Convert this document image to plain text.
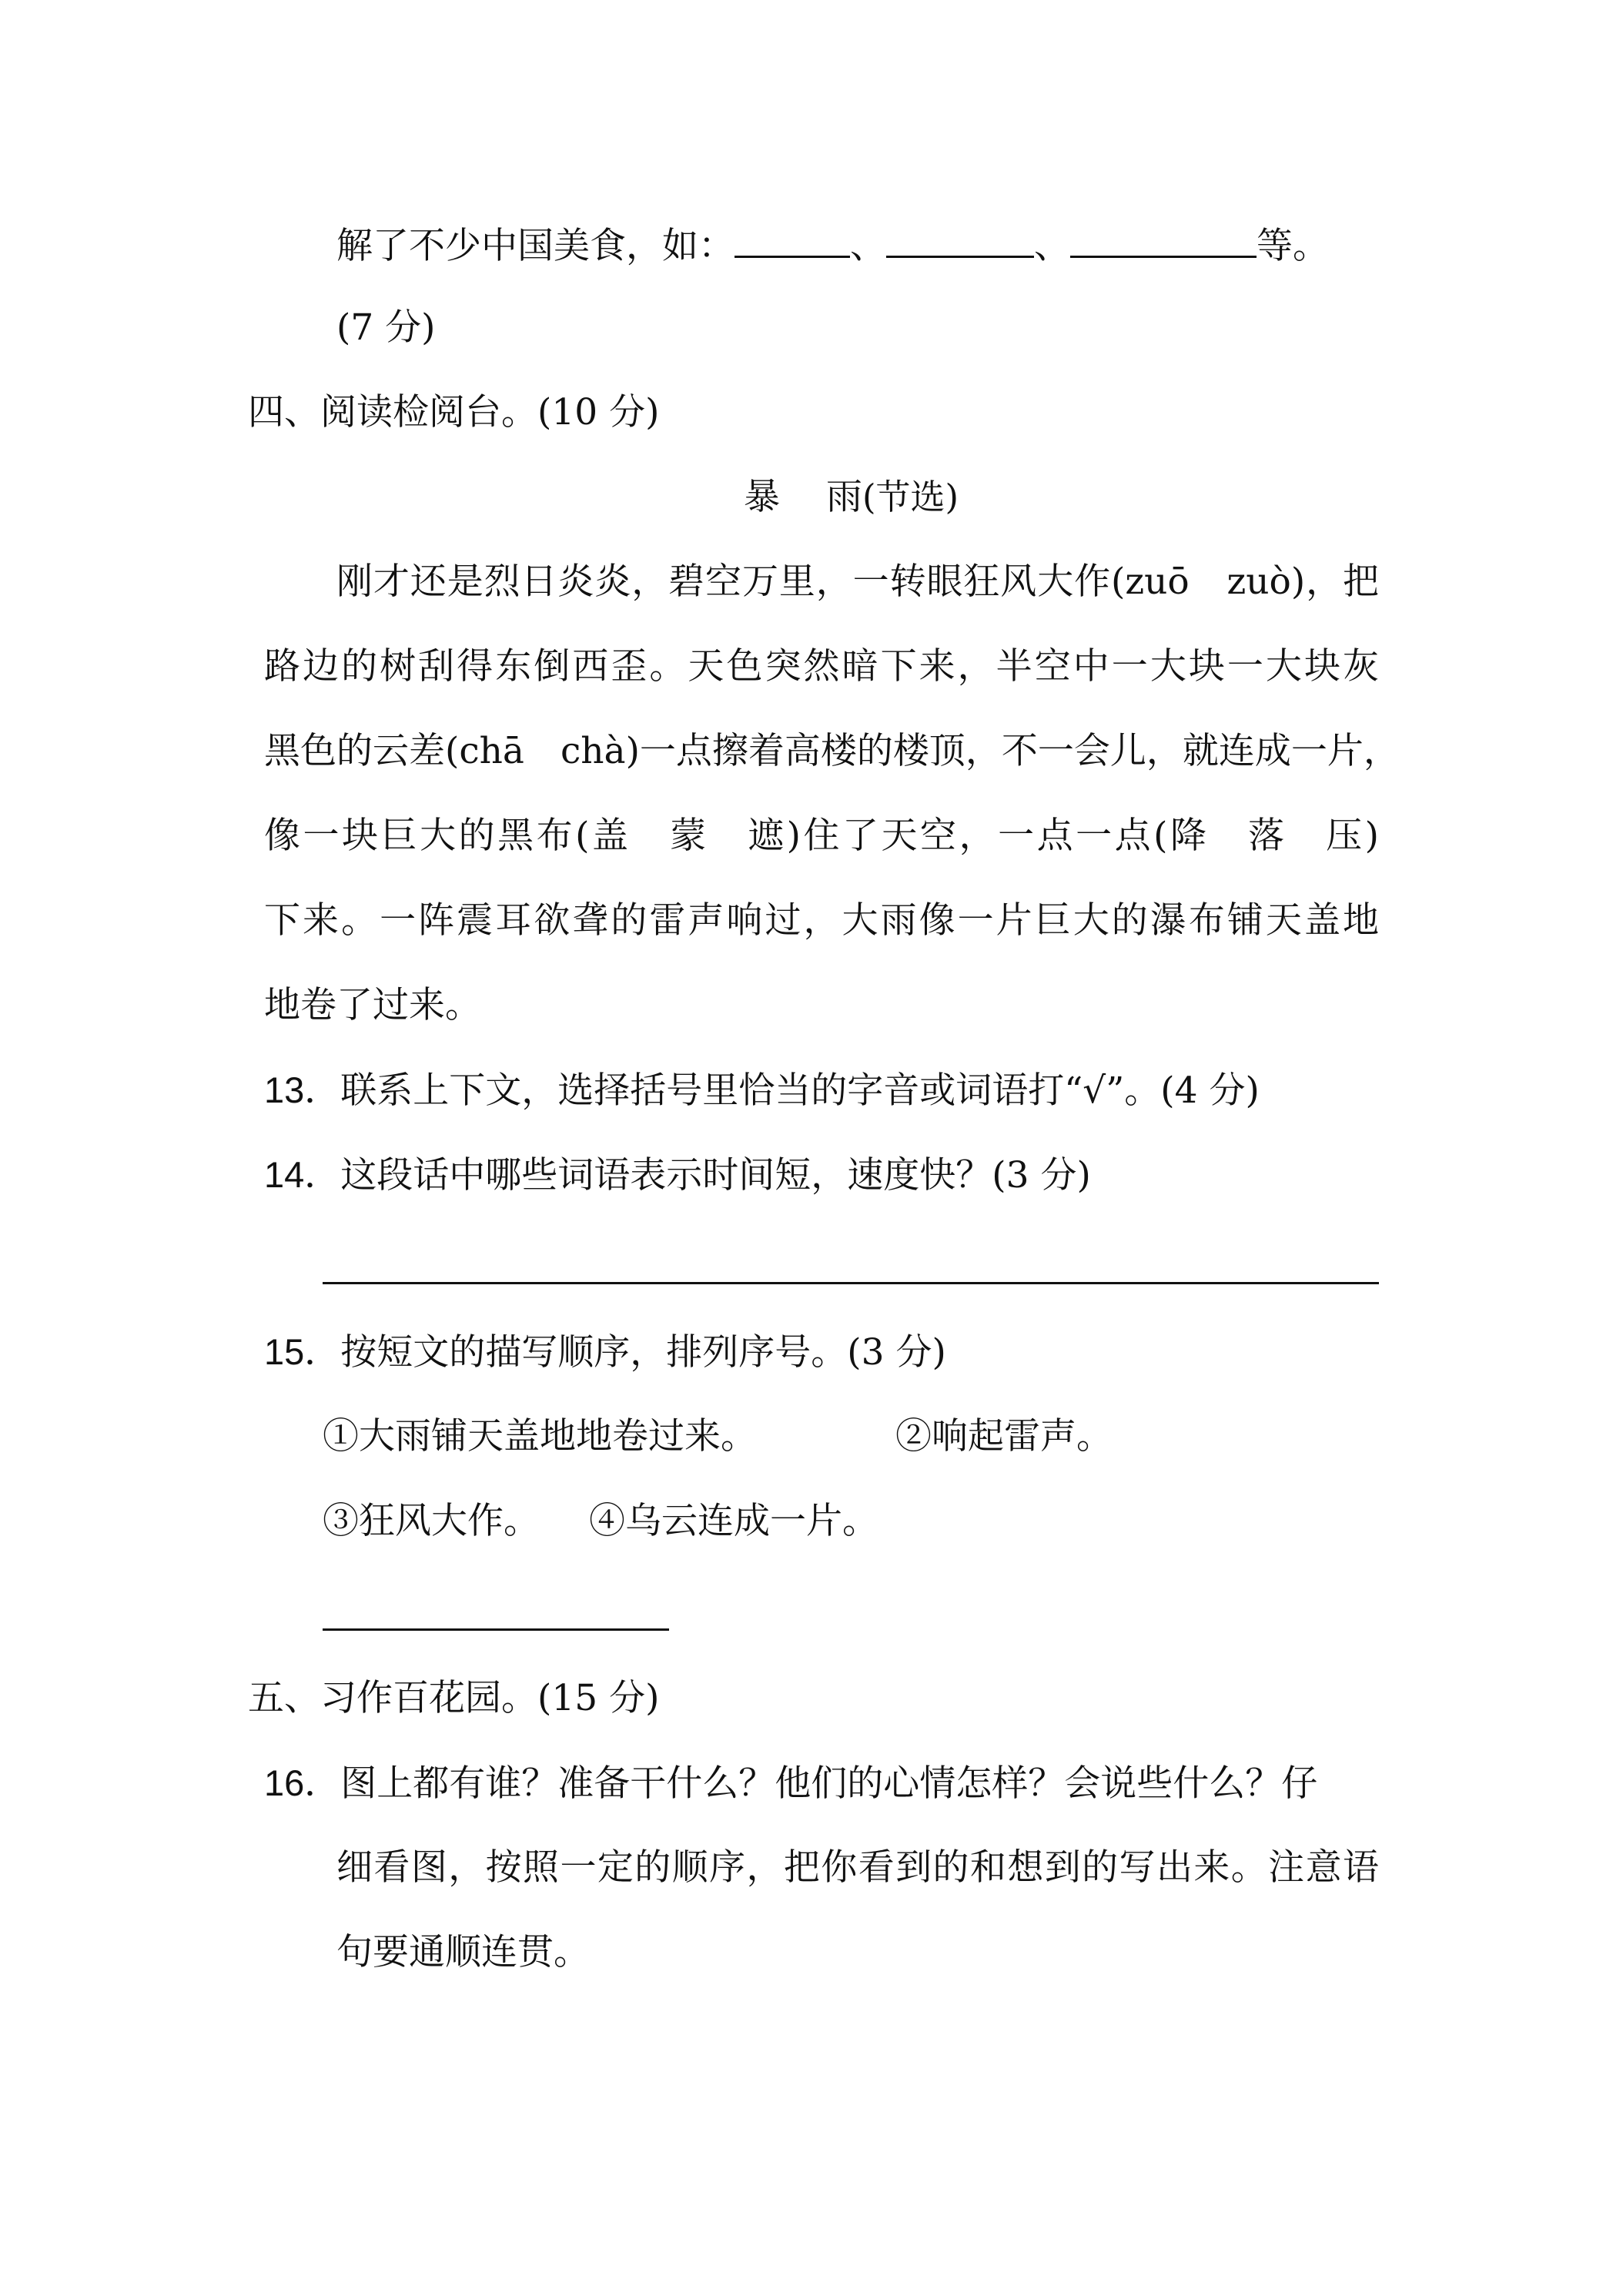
解了不少中国美食，如：	、	、	等。
(7 分)
四、阅读检阅台。(10 分)
暴 雨(节选)
刚才还是烈日炎炎，碧空万里，一转眼狂风大作(zuō　zuò)，把
路边的树刮得东倒西歪。天色突然暗下来，半空中一大块一大块灰
黑色的云差(chā　chà)一点擦着高楼的楼顶，不一会儿，就连成一片，
像一块巨大的黑布(盖　蒙　遮)住了天空，一点一点(降　落　压)
下来。一阵震耳欲聋的雷声响过，大雨像一片巨大的瀑布铺天盖地
地卷了过来。
13．联系上下文，选择括号里恰当的字音或词语打“√”。(4 分)
14．这段话中哪些词语表示时间短，速度快？(3 分)
15．按短文的描写顺序，排列序号。(3 分)
①大雨铺天盖地地卷过来。	②响起雷声。
③狂风大作。 ④乌云连成一片。
五、习作百花园。(15 分)
16．图上都有谁？准备干什么？他们的心情怎样？会说些什么？仔
细看图，按照一定的顺序，把你看到的和想到的写出来。注意语
句要通顺连贯。
